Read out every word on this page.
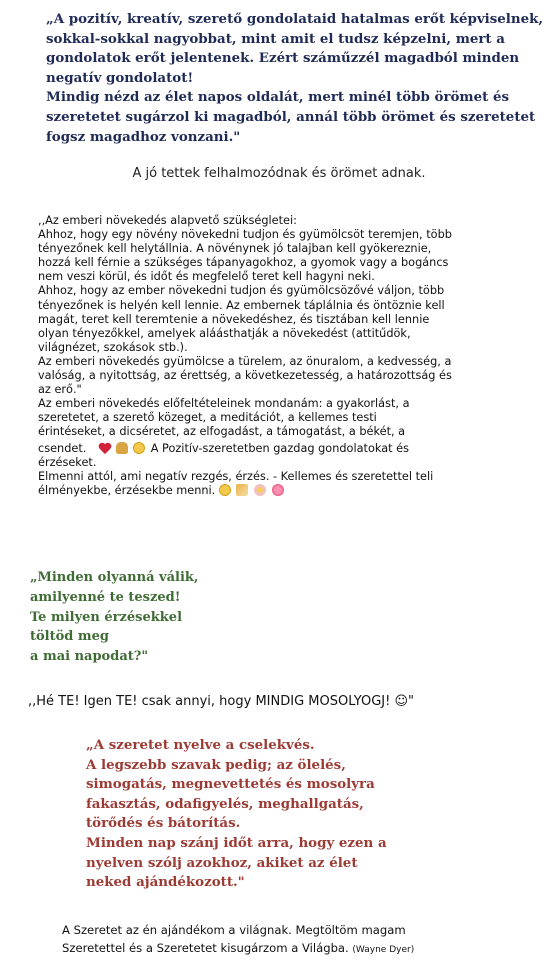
„A pozitív, kreatív, szerető gondolataid hatalmas erőt képviselnek,
sokkal-sokkal nagyobbat, mint amit el tudsz képzelni, mert a
gondolatok erőt jelentenek. Ezért száműzzél magadból minden
negatív gondolatot!
Mindig nézd az élet napos oldalát, mert minél több örömet és
szeretetet sugárzol ki magadból, annál több örömet és szeretetet
fogsz magadhoz vonzani."
A jó tettek felhalmozódnak és örömet adnak.
,,Az emberi növekedés alapvető szükségletei:
Ahhoz, hogy egy növény növekedni tudjon és gyümölcsöt teremjen, több
tényezőnek kell helytállnia. A növénynek jó talajban kell gyökereznie,
hozzá kell férnie a szükséges tápanyagokhoz, a gyomok vagy a bogáncs
nem veszi körül, és időt és megfelelő teret kell hagyni neki.
Ahhoz, hogy az ember növekedni tudjon és gyümölcsözővé váljon, több
tényezőnek is helyén kell lennie. Az embernek táplálnia és öntöznie kell
magát, teret kell teremtenie a növekedéshez, és tisztában kell lennie
olyan tényezőkkel, amelyek aláásthatják a növekedést (attitűdök,
világnézet, szokások stb.).
Az emberi növekedés gyümölcse a türelem, az önuralom, a kedvesség, a
valóság, a nyitottság, az érettség, a következetesség, a határozottság és
az erő."
Az emberi növekedés előfeltételeinek mondanám: a gyakorlást, a
szeretetet, a szerető közeget, a meditációt, a kellemes testi
érintéseket, a dicséretet, az elfogadást, a támogatást, a békét, a
csendet.	A Pozitív-szeretetben gazdag gondolatokat és
érzéseket.
Elmenni attól, ami negatív rezgés, érzés. - Kellemes és szeretettel teli
élményekbe, érzésekbe menni.
„Minden olyanná válik,
amilyenné te teszed!
Te milyen érzésekkel
töltöd meg
a mai napodat?"
,,Hé TE! Igen TE! csak annyi, hogy MINDIG MOSOLYOGJ! ☺"
„A szeretet nyelve a cselekvés.
A legszebb szavak pedig; az ölelés,
simogatás, megnevettetés és mosolyra
fakasztás, odafigyelés, meghallgatás,
törődés és bátorítás.
Minden nap szánj időt arra, hogy ezen a
nyelven szólj azokhoz, akiket az élet
neked ajándékozott."
A Szeretet az én ajándékom a világnak. Megtöltöm magam
Szeretettel és a Szeretetet kisugárzom a Világba. (Wayne Dyer)
